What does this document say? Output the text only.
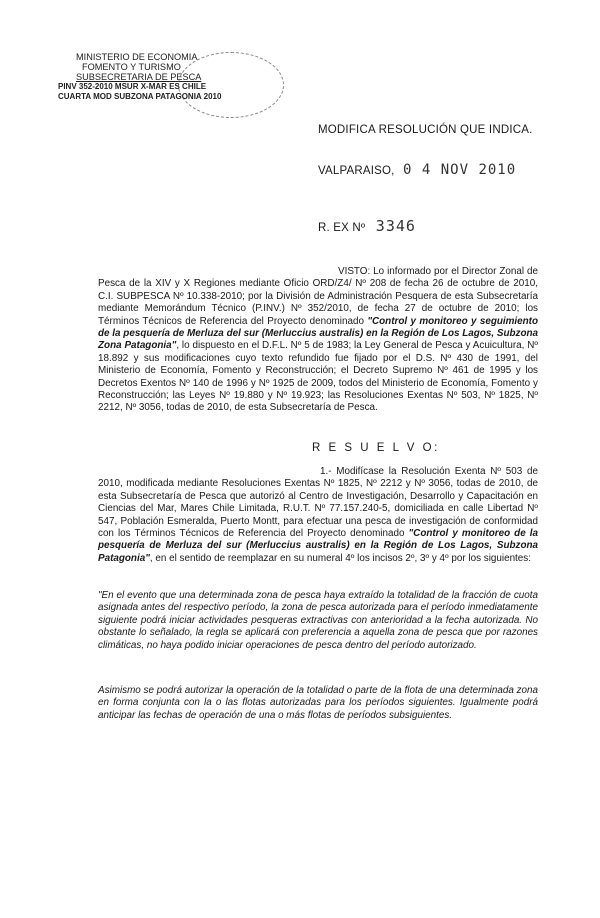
MINISTERIO DE ECONOMIA
FOMENTO Y TURISMO
SUBSECRETARIA DE PESCA
PINV 352-2010 MSUR X-MAR ES CHILE
CUARTA MOD SUBZONA PATAGONIA 2010
MODIFICA RESOLUCIÓN QUE INDICA.
VALPARAISO, 0 4 NOV 2010
R. EX Nº 3346
VISTO: Lo informado por el Director Zonal de Pesca de la XIV y X Regiones mediante Oficio ORD/Z4/ Nº 208 de fecha 26 de octubre de 2010, C.I. SUBPESCA Nº 10.338-2010; por la División de Administración Pesquera de esta Subsecretaría mediante Memorándum Técnico (P.INV.) Nº 352/2010, de fecha 27 de octubre de 2010; los Términos Técnicos de Referencia del Proyecto denominado "Control y monitoreo y seguimiento de la pesquería de Merluza del sur (Merluccius australis) en la Región de Los Lagos, Subzona Zona Patagonia", lo dispuesto en el D.F.L. Nº 5 de 1983; la Ley General de Pesca y Acuicultura, Nº 18.892 y sus modificaciones cuyo texto refundido fue fijado por el D.S. Nº 430 de 1991, del Ministerio de Economía, Fomento y Reconstrucción; el Decreto Supremo Nº 461 de 1995 y los Decretos Exentos Nº 140 de 1996 y Nº 1925 de 2009, todos del Ministerio de Economía, Fomento y Reconstrucción; las Leyes Nº 19.880 y Nº 19.923; las Resoluciones Exentas Nº 503, Nº 1825, Nº 2212, Nº 3056, todas de 2010, de esta Subsecretaría de Pesca.
R E S U E L V O:
1.- Modifícase la Resolución Exenta Nº 503 de 2010, modificada mediante Resoluciones Exentas Nº 1825, Nº 2212 y Nº 3056, todas de 2010, de esta Subsecretaría de Pesca que autorizó al Centro de Investigación, Desarrollo y Capacitación en Ciencias del Mar, Mares Chile Limitada, R.U.T. Nº 77.157.240-5, domiciliada en calle Libertad Nº 547, Población Esmeralda, Puerto Montt, para efectuar una pesca de investigación de conformidad con los Términos Técnicos de Referencia del Proyecto denominado "Control y monitoreo de la pesquería de Merluza del sur (Merluccius australis) en la Región de Los Lagos, Subzona Patagonia", en el sentido de reemplazar en su numeral 4º los incisos 2º, 3º y 4º por los siguientes:
"En el evento que una determinada zona de pesca haya extraído la totalidad de la fracción de cuota asignada antes del respectivo período, la zona de pesca autorizada para el período inmediatamente siguiente podrá iniciar actividades pesqueras extractivas con anterioridad a la fecha autorizada. No obstante lo señalado, la regla se aplicará con preferencia a aquella zona de pesca que por razones climáticas, no haya podido iniciar operaciones de pesca dentro del período autorizado.
Asimismo se podrá autorizar la operación de la totalidad o parte de la flota de una determinada zona en forma conjunta con la o las flotas autorizadas para los períodos siguientes. Igualmente podrá anticipar las fechas de operación de una o más flotas de períodos subsiguientes.
